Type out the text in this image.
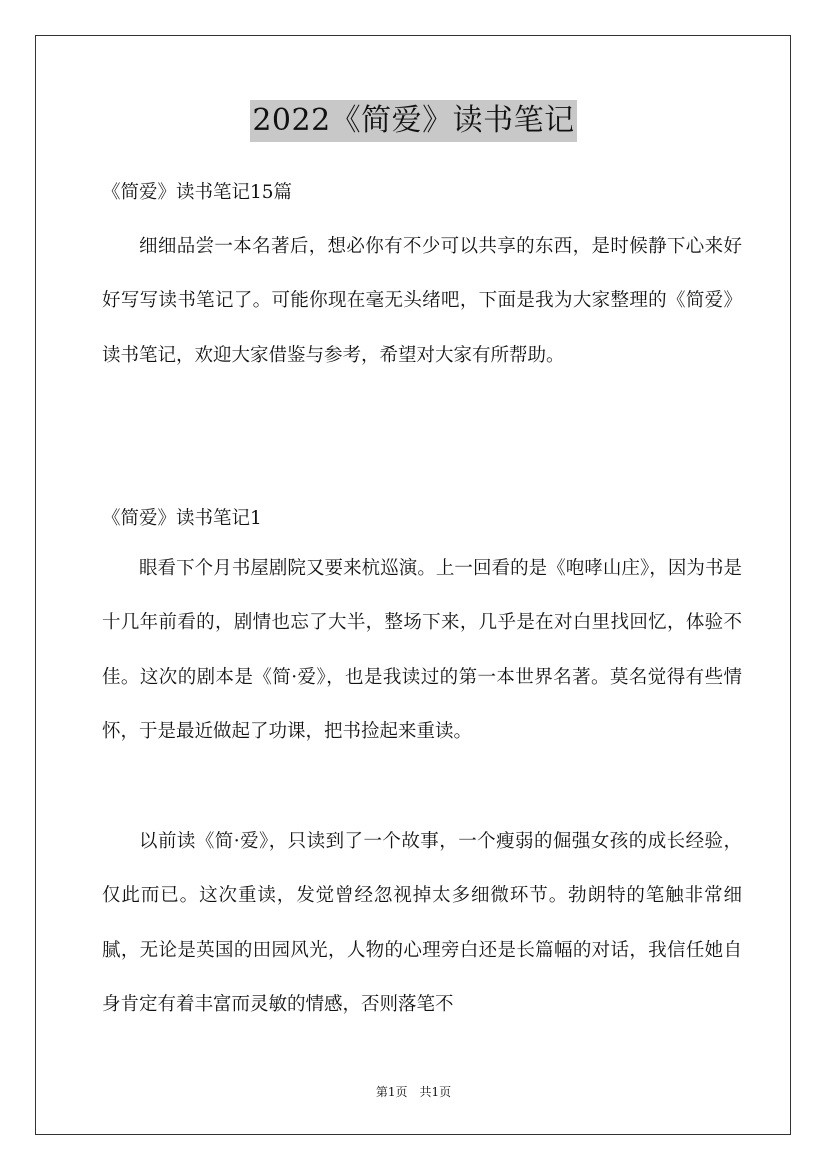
2022《简爱》读书笔记
《简爱》读书笔记15篇

细细品尝一本名著后，想必你有不少可以共享的东西，是时候静下心来好好写写读书笔记了。可能你现在毫无头绪吧，下面是我为大家整理的《简爱》读书笔记，欢迎大家借鉴与参考，希望对大家有所帮助。

《简爱》读书笔记1

眼看下个月书屋剧院又要来杭巡演。上一回看的是《咆哮山庄》，因为书是十几年前看的，剧情也忘了大半，整场下来，几乎是在对白里找回忆，体验不佳。这次的剧本是《简·爱》，也是我读过的第一本世界名著。莫名觉得有些情怀，于是最近做起了功课，把书捡起来重读。

以前读《简·爱》，只读到了一个故事，一个瘦弱的倔强女孩的成长经验，仅此而已。这次重读，发觉曾经忽视掉太多细微环节。勃朗特的笔触非常细腻，无论是英国的田园风光，人物的心理旁白还是长篇幅的对话，我信任她自身肯定有着丰富而灵敏的情感，否则落笔不

第1页　共1页
